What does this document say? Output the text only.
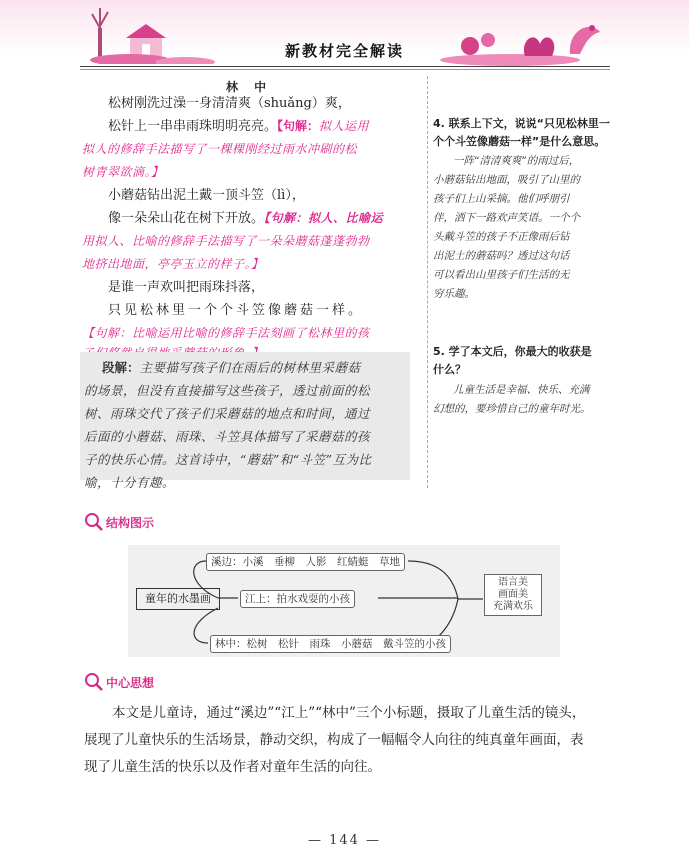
新教材完全解读
林 中
松树刚洗过澡一身清清爽（shuǎng）爽，
松针上一串串雨珠明明亮亮。【句解：拟人运用
拟人的修辞手法描写了一棵棵刚经过雨水冲刷的松
树青翠欲滴。】
小蘑菇钻出泥土戴一顶斗笠（lì），
像一朵朵山花在树下开放。【句解：拟人、比喻运
用拟人、比喻的修辞手法描写了一朵朵蘑菇蓬蓬勃勃
地挤出地面，亭亭玉立的样子。】
是谁一声欢叫把雨珠抖落，
只见松林里一个个斗笠像蘑菇一样。
【句解：比喻运用比喻的修辞手法刻画了松林里的孩
段解：主要描写孩子们在雨后的树林里采蘑菇
的场景，但没有直接描写这些孩子，透过前面的松
树、雨珠交代了孩子们采蘑菇的地点和时间，通过
后面的小蘑菇、雨珠、斗笠具体描写了采蘑菇的孩
子的快乐心情。这首诗中，“蘑菇”和“斗笠”互为比
喻，十分有趣。
4. 联系上下文，说说“只见松林里一
个个斗笠像蘑菇一样”是什么意思。
一阵“清清爽爽”的雨过后，
小蘑菇钻出地面，吸引了山里的
孩子们上山采摘。他们呼朋引
伴，洒下一路欢声笑语。一个个
头戴斗笠的孩子不正像雨后钻
出泥土的蘑菇吗？透过这句话
可以看出山里孩子们生活的无
穷乐趣。
5. 学了本文后，你最大的收获是
什么？
儿童生活是幸福、快乐、充满
幻想的，要珍惜自己的童年时光。
结构图示
童年的水墨画
溪边：小溪　垂柳　人影　红蜻蜓　草地
江上：拍水戏耍的小孩
林中：松树　松针　雨珠　小蘑菇　戴斗笠的小孩
语言美
画面美
充满欢乐
中心思想
本文是儿童诗，通过“溪边”“江上”“林中”三个小标题，摄取了儿童生活的镜头，
展现了儿童快乐的生活场景，静动交织，构成了一幅幅令人向往的纯真童年画面，表
现了儿童生活的快乐以及作者对童年生活的向往。
— 144 —
